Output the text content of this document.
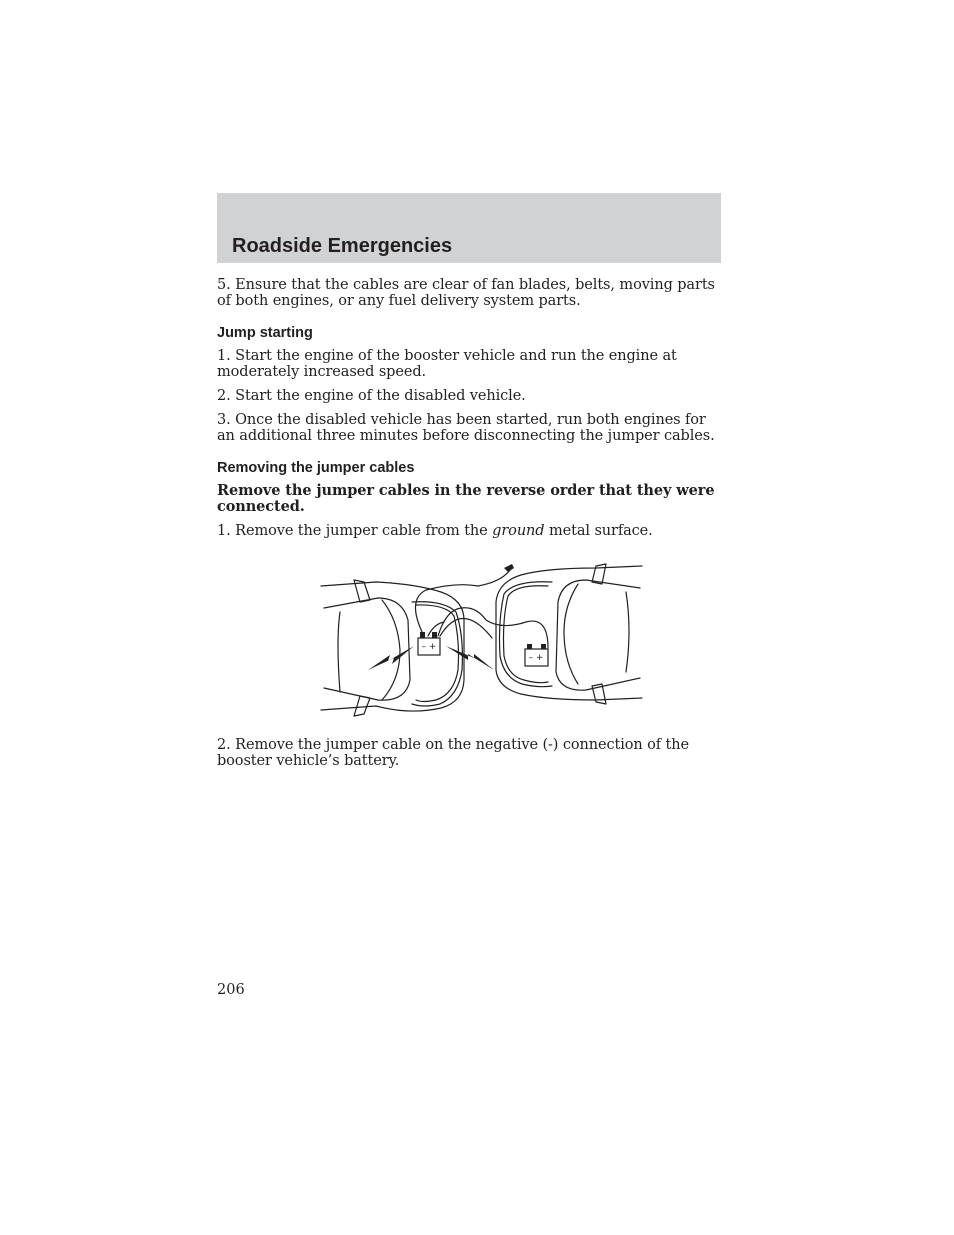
Roadside Emergencies

5. Ensure that the cables are clear of fan blades, belts, moving parts of both engines, or any fuel delivery system parts.

Jump starting

1. Start the engine of the booster vehicle and run the engine at moderately increased speed.

2. Start the engine of the disabled vehicle.

3. Once the disabled vehicle has been started, run both engines for an additional three minutes before disconnecting the jumper cables.

Removing the jumper cables

Remove the jumper cables in the reverse order that they were connected.

1. Remove the jumper cable from the ground metal surface.

– +
– +

2. Remove the jumper cable on the negative (-) connection of the booster vehicle’s battery.

206
